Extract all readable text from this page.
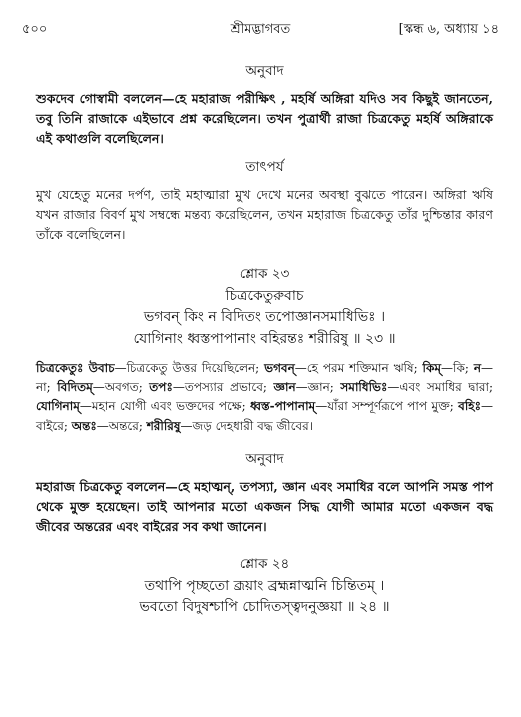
৫০০	শ্রীমদ্ভাগবত	[স্কন্ধ ৬, অধ্যায় ১৪
অনুবাদ

শুকদেব গোস্বামী বললেন—হে মহারাজ পরীক্ষিৎ , মহর্ষি অঙ্গিরা যদিও সব কিছুই জানতেন, তবু তিনি রাজাকে এইভাবে প্রশ্ন করেছিলেন। তখন পুত্রার্থী রাজা চিত্রকেতু মহর্ষি অঙ্গিরাকে এই কথাগুলি বলেছিলেন।

তাৎপর্য

মুখ যেহেতু মনের দর্পণ, তাই মহাত্মারা মুখ দেখে মনের অবস্থা বুঝতে পারেন। অঙ্গিরা ঋষি যখন রাজার বিবর্ণ মুখ সম্বন্ধে মন্তব্য করেছিলেন, তখন মহারাজ চিত্রকেতু তাঁর দুশ্চিন্তার কারণ তাঁকে বলেছিলেন।

শ্লোক ২৩
চিত্রকেতুরুবাচ
ভগবন্ কিং ন বিদিতং তপোজ্ঞানসমাধিভিঃ ।
যোগিনাং ধ্বস্তপাপানাং বহিরন্তঃ শরীরিষু ॥ ২৩ ॥

চিত্রকেতুঃ উবাচ—চিত্রকেতু উত্তর দিয়েছিলেন; ভগবন্—হে পরম শক্তিমান ঋষি; কিম্—কি; ন—না; বিদিতম্—অবগত; তপঃ—তপস্যার প্রভাবে; জ্ঞান—জ্ঞান; সমাধিভিঃ—এবং সমাধির দ্বারা; যোগিনাম্—মহান যোগী এবং ভক্তদের পক্ষে; ধ্বস্ত-পাপানাম্—যাঁরা সম্পূর্ণরূপে পাপ মুক্ত; বহিঃ—বাইরে; অন্তঃ—অন্তরে; শরীরিষু—জড় দেহধারী বদ্ধ জীবের।

অনুবাদ

মহারাজ চিত্রকেতু বললেন—হে মহাত্মন্, তপস্যা, জ্ঞান এবং সমাধির বলে আপনি সমস্ত পাপ থেকে মুক্ত হয়েছেন। তাই আপনার মতো একজন সিদ্ধ যোগী আমার মতো একজন বদ্ধ জীবের অন্তরের এবং বাইরের সব কথা জানেন।

শ্লোক ২৪
তথাপি পৃচ্ছতো ব্রূয়াং ব্রহ্মন্নাত্মনি চিন্তিতম্ ।
ভবতো বিদুষশ্চাপি চোদিতস্ত্বদনুজ্ঞয়া ॥ ২৪ ॥
